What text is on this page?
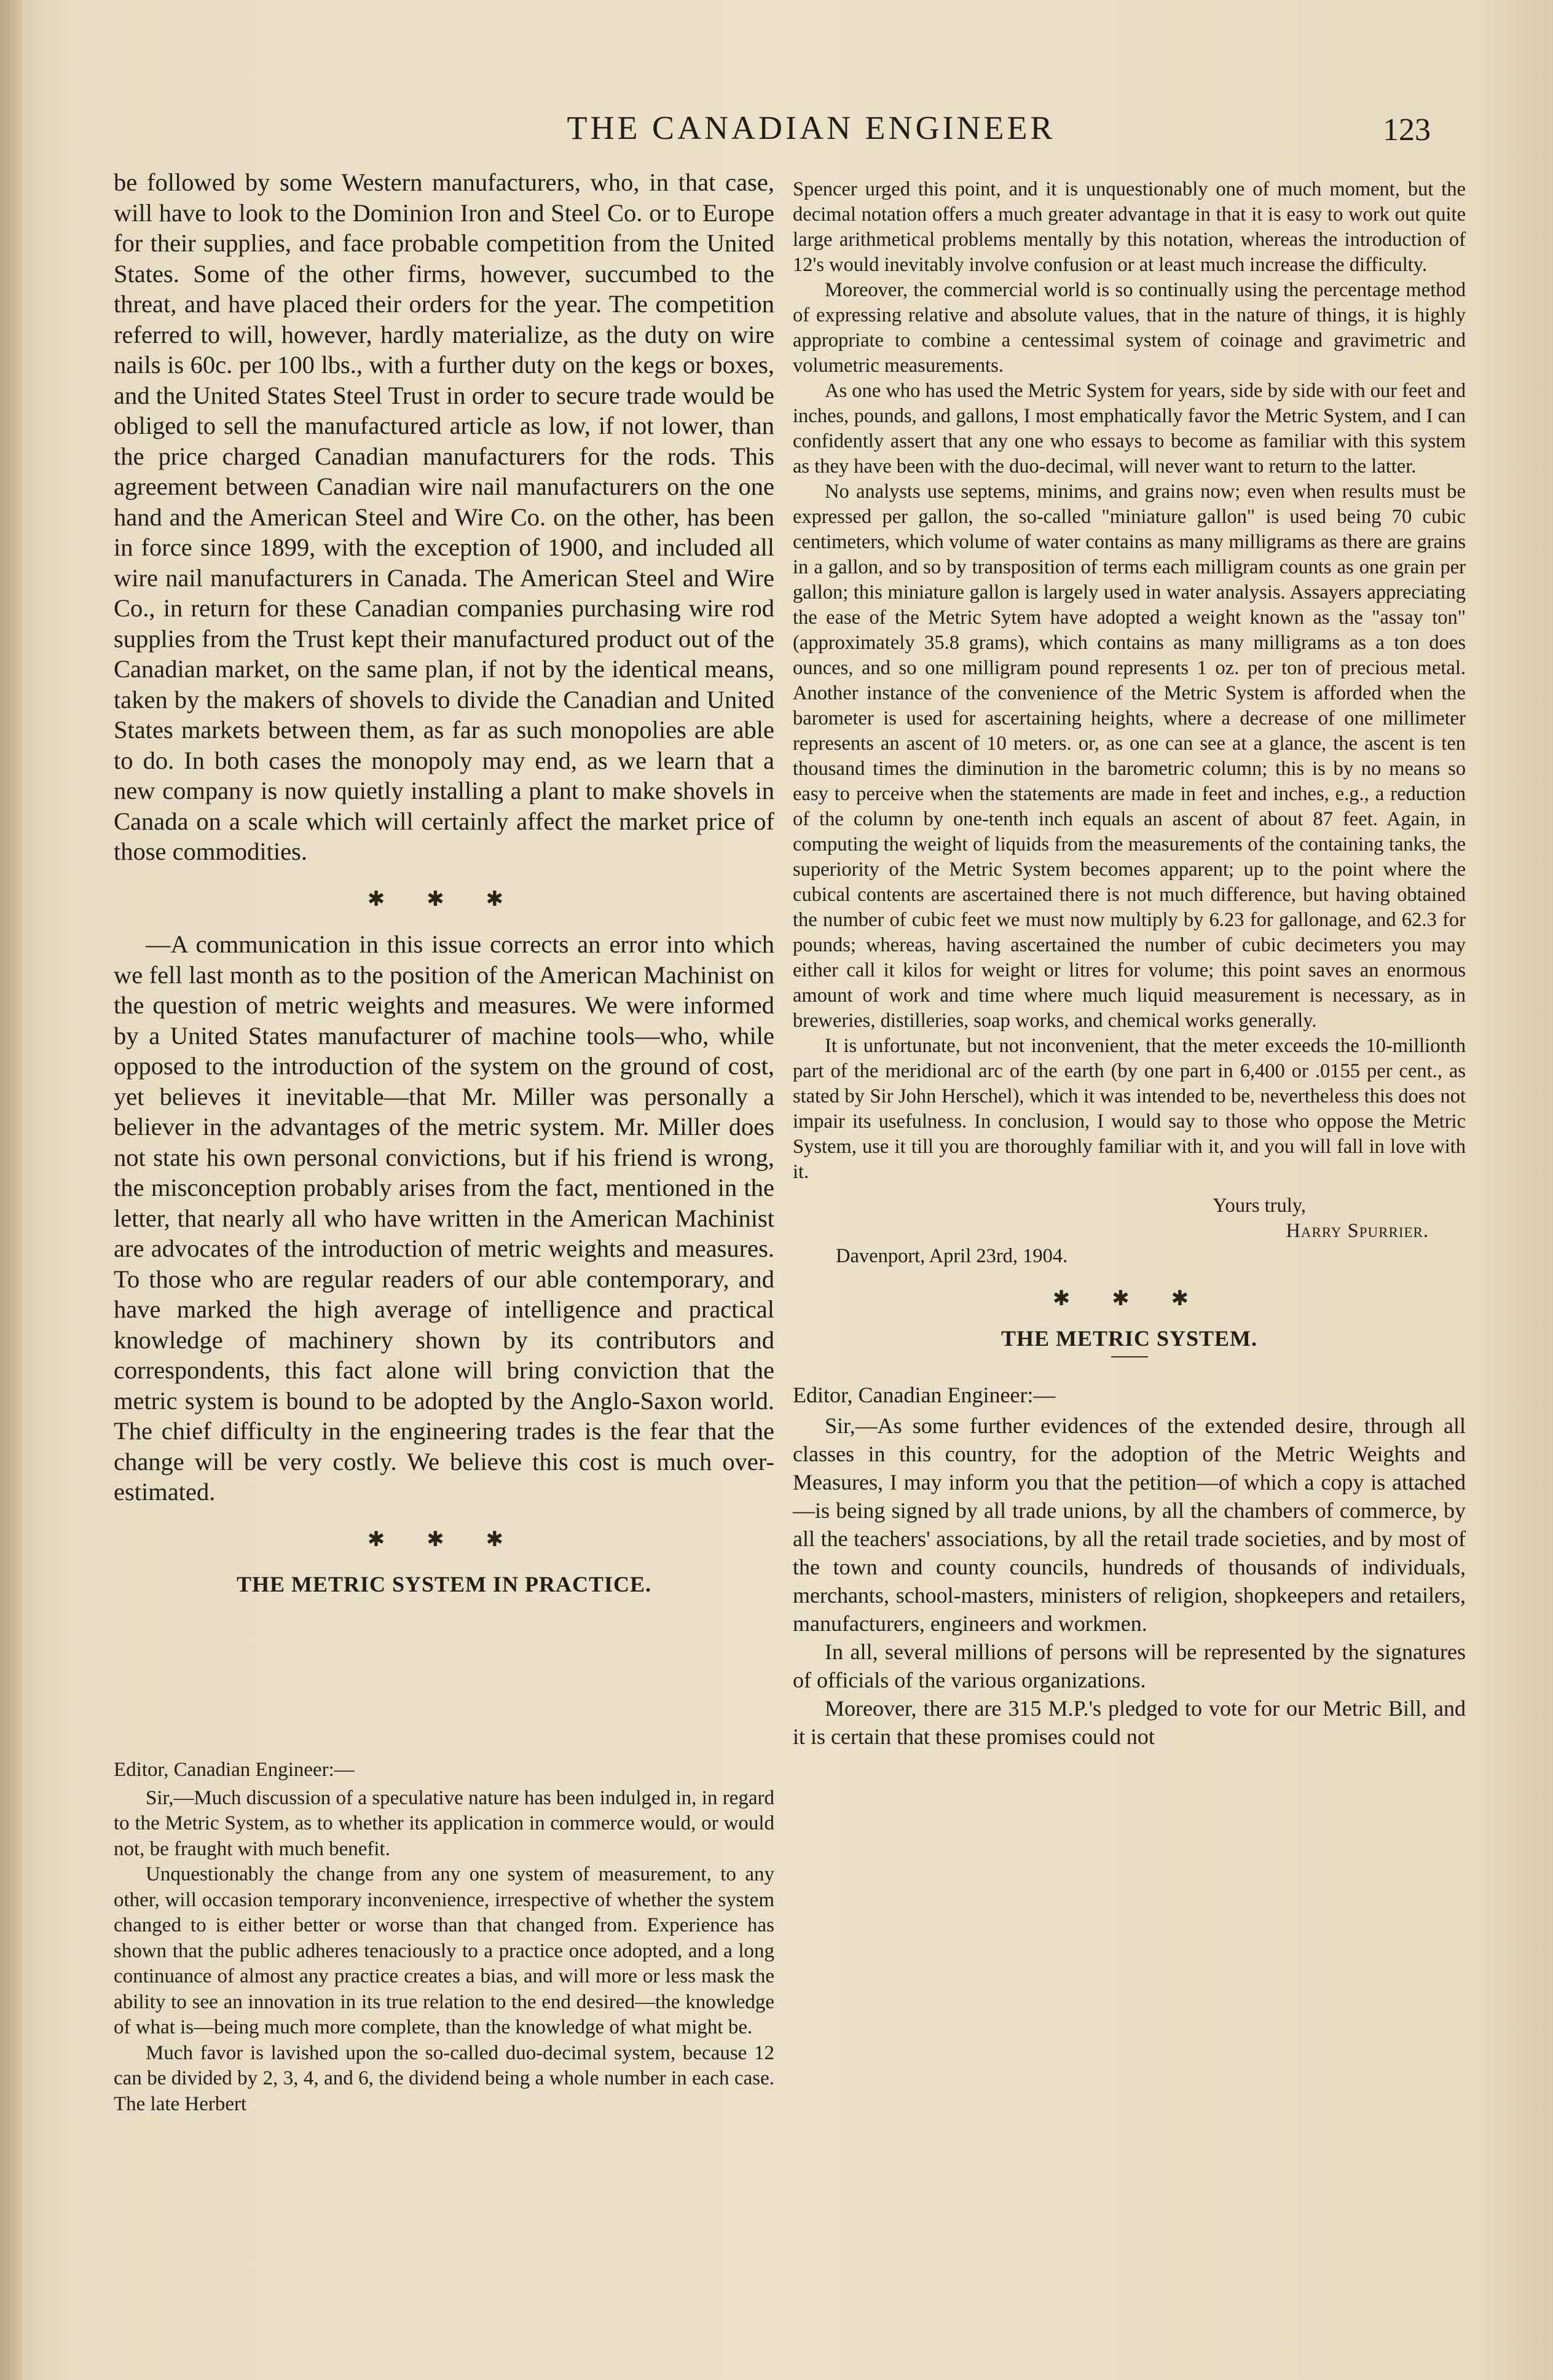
THE CANADIAN ENGINEER	123

be followed by some Western manufacturers, who, in that case, will have to look to the Dominion Iron and Steel Co. or to Europe for their supplies, and face probable competition from the United States. Some of the other firms, however, succumbed to the threat, and have placed their orders for the year. The competition referred to will, however, hardly materialize, as the duty on wire nails is 60c. per 100 lbs., with a further duty on the kegs or boxes, and the United States Steel Trust in order to secure trade would be obliged to sell the manufactured article as low, if not lower, than the price charged Canadian manufacturers for the rods. This agreement between Canadian wire nail manufacturers on the one hand and the American Steel and Wire Co. on the other, has been in force since 1899, with the exception of 1900, and included all wire nail manufacturers in Canada. The American Steel and Wire Co., in return for these Canadian companies purchasing wire rod supplies from the Trust kept their manufactured product out of the Canadian market, on the same plan, if not by the identical means, taken by the makers of shovels to divide the Canadian and United States markets between them, as far as such monopolies are able to do. In both cases the monopoly may end, as we learn that a new company is now quietly installing a plant to make shovels in Canada on a scale which will certainly affect the market price of those commodities.

✱ ✱ ✱

—A communication in this issue corrects an error into which we fell last month as to the position of the American Machinist on the question of metric weights and measures. We were informed by a United States manufacturer of machine tools—who, while opposed to the introduction of the system on the ground of cost, yet believes it inevitable—that Mr. Miller was personally a believer in the advantages of the metric system. Mr. Miller does not state his own personal convictions, but if his friend is wrong, the misconception probably arises from the fact, mentioned in the letter, that nearly all who have written in the American Machinist are advocates of the introduction of metric weights and measures. To those who are regular readers of our able contemporary, and have marked the high average of intelligence and practical knowledge of machinery shown by its contributors and correspondents, this fact alone will bring conviction that the metric system is bound to be adopted by the Anglo-Saxon world. The chief difficulty in the engineering trades is the fear that the change will be very costly. We believe this cost is much over-estimated.

✱ ✱ ✱
THE METRIC SYSTEM IN PRACTICE.

Editor, Canadian Engineer:—

Sir,—Much discussion of a speculative nature has been indulged in, in regard to the Metric System, as to whether its application in commerce would, or would not, be fraught with much benefit.

Unquestionably the change from any one system of measurement, to any other, will occasion temporary inconvenience, irrespective of whether the system changed to is either better or worse than that changed from. Experience has shown that the public adheres tenaciously to a practice once adopted, and a long continuance of almost any practice creates a bias, and will more or less mask the ability to see an innovation in its true relation to the end desired—the knowledge of what is—being much more complete, than the knowledge of what might be.

Much favor is lavished upon the so-called duo-decimal system, because 12 can be divided by 2, 3, 4, and 6, the dividend being a whole number in each case. The late Herbert

Spencer urged this point, and it is unquestionably one of much moment, but the decimal notation offers a much greater advantage in that it is easy to work out quite large arithmetical problems mentally by this notation, whereas the introduction of 12's would inevitably involve confusion or at least much increase the difficulty.

Moreover, the commercial world is so continually using the percentage method of expressing relative and absolute values, that in the nature of things, it is highly appropriate to combine a centessimal system of coinage and gravimetric and volumetric measurements.

As one who has used the Metric System for years, side by side with our feet and inches, pounds, and gallons, I most emphatically favor the Metric System, and I can confidently assert that any one who essays to become as familiar with this system as they have been with the duo-decimal, will never want to return to the latter.

No analysts use septems, minims, and grains now; even when results must be expressed per gallon, the so-called "miniature gallon" is used being 70 cubic centimeters, which volume of water contains as many milligrams as there are grains in a gallon, and so by transposition of terms each milligram counts as one grain per gallon; this miniature gallon is largely used in water analysis. Assayers appreciating the ease of the Metric Sytem have adopted a weight known as the "assay ton" (approximately 35.8 grams), which contains as many milligrams as a ton does ounces, and so one milligram pound represents 1 oz. per ton of precious metal. Another instance of the convenience of the Metric System is afforded when the barometer is used for ascertaining heights, where a decrease of one millimeter represents an ascent of 10 meters. or, as one can see at a glance, the ascent is ten thousand times the diminution in the barometric column; this is by no means so easy to perceive when the statements are made in feet and inches, e.g., a reduction of the column by one-tenth inch equals an ascent of about 87 feet. Again, in computing the weight of liquids from the measurements of the containing tanks, the superiority of the Metric System becomes apparent; up to the point where the cubical contents are ascertained there is not much difference, but having obtained the number of cubic feet we must now multiply by 6.23 for gallonage, and 62.3 for pounds; whereas, having ascertained the number of cubic decimeters you may either call it kilos for weight or litres for volume; this point saves an enormous amount of work and time where much liquid measurement is necessary, as in breweries, distilleries, soap works, and chemical works generally.

It is unfortunate, but not inconvenient, that the meter exceeds the 10-millionth part of the meridional arc of the earth (by one part in 6,400 or .0155 per cent., as stated by Sir John Herschel), which it was intended to be, nevertheless this does not impair its usefulness. In conclusion, I would say to those who oppose the Metric System, use it till you are thoroughly familiar with it, and you will fall in love with it.

Yours truly,

Harry Spurrier.

Davenport, April 23rd, 1904.

✱ ✱ ✱
THE METRIC SYSTEM.

Editor, Canadian Engineer:—

Sir,—As some further evidences of the extended desire, through all classes in this country, for the adoption of the Metric Weights and Measures, I may inform you that the petition—of which a copy is attached—is being signed by all trade unions, by all the chambers of commerce, by all the teachers' associations, by all the retail trade societies, and by most of the town and county councils, hundreds of thousands of individuals, merchants, school-masters, ministers of religion, shopkeepers and retailers, manufacturers, engineers and workmen.

In all, several millions of persons will be represented by the signatures of officials of the various organizations.

Moreover, there are 315 M.P.'s pledged to vote for our Metric Bill, and it is certain that these promises could not
